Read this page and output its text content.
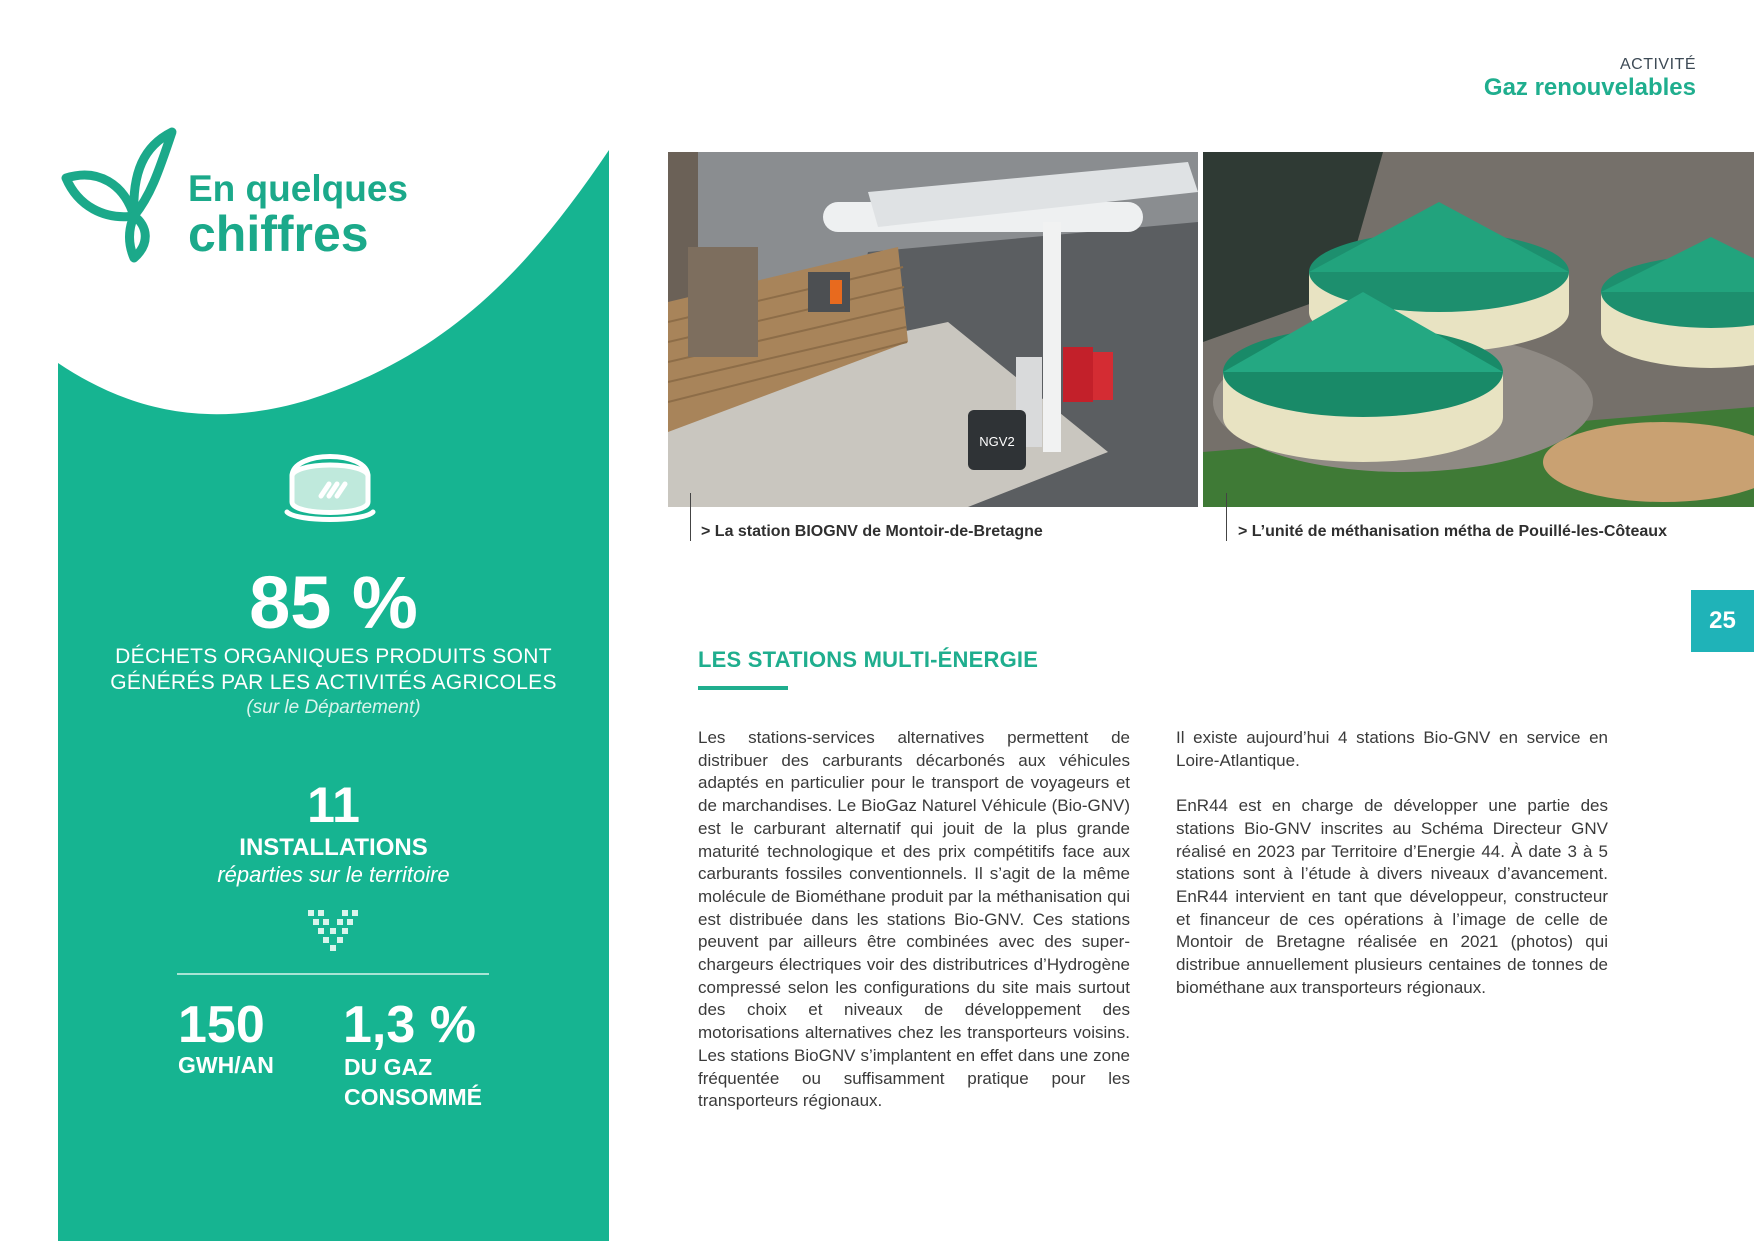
ACTIVITÉ
Gaz renouvelables
25
En quelques
chiffres
85 %
DÉCHETS ORGANIQUES PRODUITS SONT
GÉNÉRÉS PAR LES ACTIVITÉS AGRICOLES
(sur le Département)
11
INSTALLATIONS
réparties sur le territoire
150
GWH/AN
1,3 %
DU GAZ
CONSOMMÉ
NGV2
> La station BIOGNV de Montoir-de-Bretagne	> L’unité de méthanisation métha de Pouillé-les-Côteaux
LES STATIONS MULTI-ÉNERGIE

Les stations-services alternatives permettent de distribuer des carburants décarbonés aux véhicules adaptés en particulier pour le transport de voyageurs et de marchandises. Le BioGaz Naturel Véhicule (Bio-GNV) est le carburant alternatif qui jouit de la plus grande maturité technologique et des prix compétitifs face aux carburants fossiles conventionnels. Il s’agit de la même molécule de Biométhane produit par la méthanisation qui est distribuée dans les stations Bio-GNV. Ces stations peuvent par ailleurs être combinées avec des super-chargeurs électriques voir des distributrices d’Hydrogène compressé selon les configurations du site mais surtout des choix et niveaux de développement des motorisations alternatives chez les transporteurs voisins. Les stations BioGNV s’implantent en effet dans une zone fréquentée ou suffisamment pratique pour les transporteurs régionaux.

Il existe aujourd’hui 4 stations Bio-GNV en service en Loire-Atlantique.

EnR44 est en charge de développer une partie des stations Bio-GNV inscrites au Schéma Directeur GNV réalisé en 2023 par Territoire d’Energie 44. À date 3 à 5 stations sont à l’étude à divers niveaux d’avancement. EnR44 intervient en tant que développeur, constructeur et financeur de ces opérations à l’image de celle de Montoir de Bretagne réalisée en 2021 (photos) qui distribue annuellement plusieurs centaines de tonnes de biométhane aux transporteurs régionaux.
